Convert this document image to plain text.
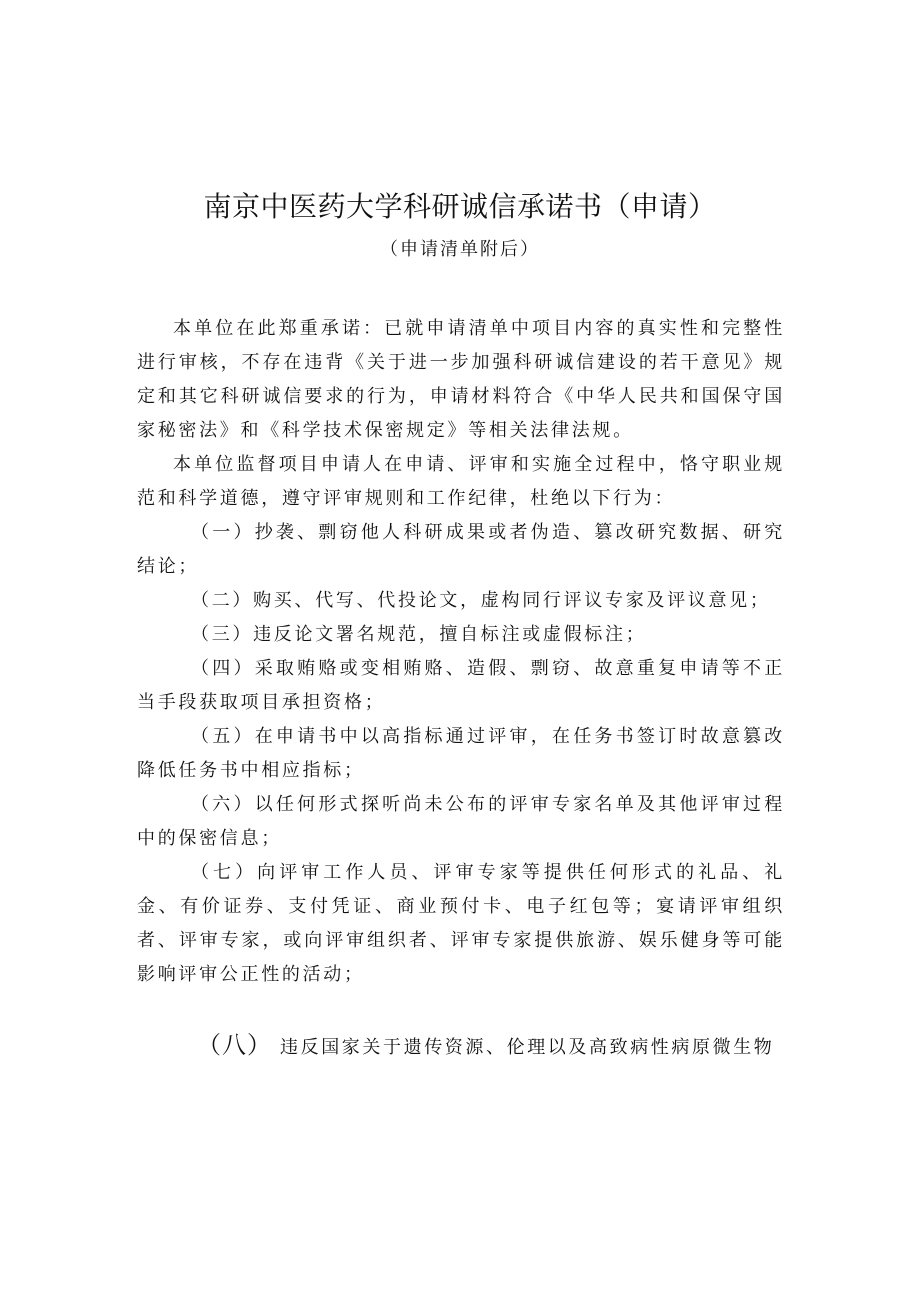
南京中医药大学科研诚信承诺书（申请）
（申请清单附后）

本单位在此郑重承诺：已就申请清单中项目内容的真实性和完整性进行审核，不存在违背《关于进一步加强科研诚信建设的若干意见》规定和其它科研诚信要求的行为，申请材料符合《中华人民共和国保守国家秘密法》和《科学技术保密规定》等相关法律法规。

本单位监督项目申请人在申请、评审和实施全过程中，恪守职业规范和科学道德，遵守评审规则和工作纪律，杜绝以下行为：

（一）抄袭、剽窃他人科研成果或者伪造、篡改研究数据、研究结论；

（二）购买、代写、代投论文，虚构同行评议专家及评议意见；

（三）违反论文署名规范，擅自标注或虚假标注；

（四）采取贿赂或变相贿赂、造假、剽窃、故意重复申请等不正当手段获取项目承担资格；

（五）在申请书中以高指标通过评审，在任务书签订时故意篡改降低任务书中相应指标；

（六）以任何形式探听尚未公布的评审专家名单及其他评审过程中的保密信息；

（七）向评审工作人员、评审专家等提供任何形式的礼品、礼金、有价证券、支付凭证、商业预付卡、电子红包等；宴请评审组织者、评审专家，或向评审组织者、评审专家提供旅游、娱乐健身等可能影响评审公正性的活动；

（八） 违反国家关于遗传资源、伦理以及高致病性病原微生物
